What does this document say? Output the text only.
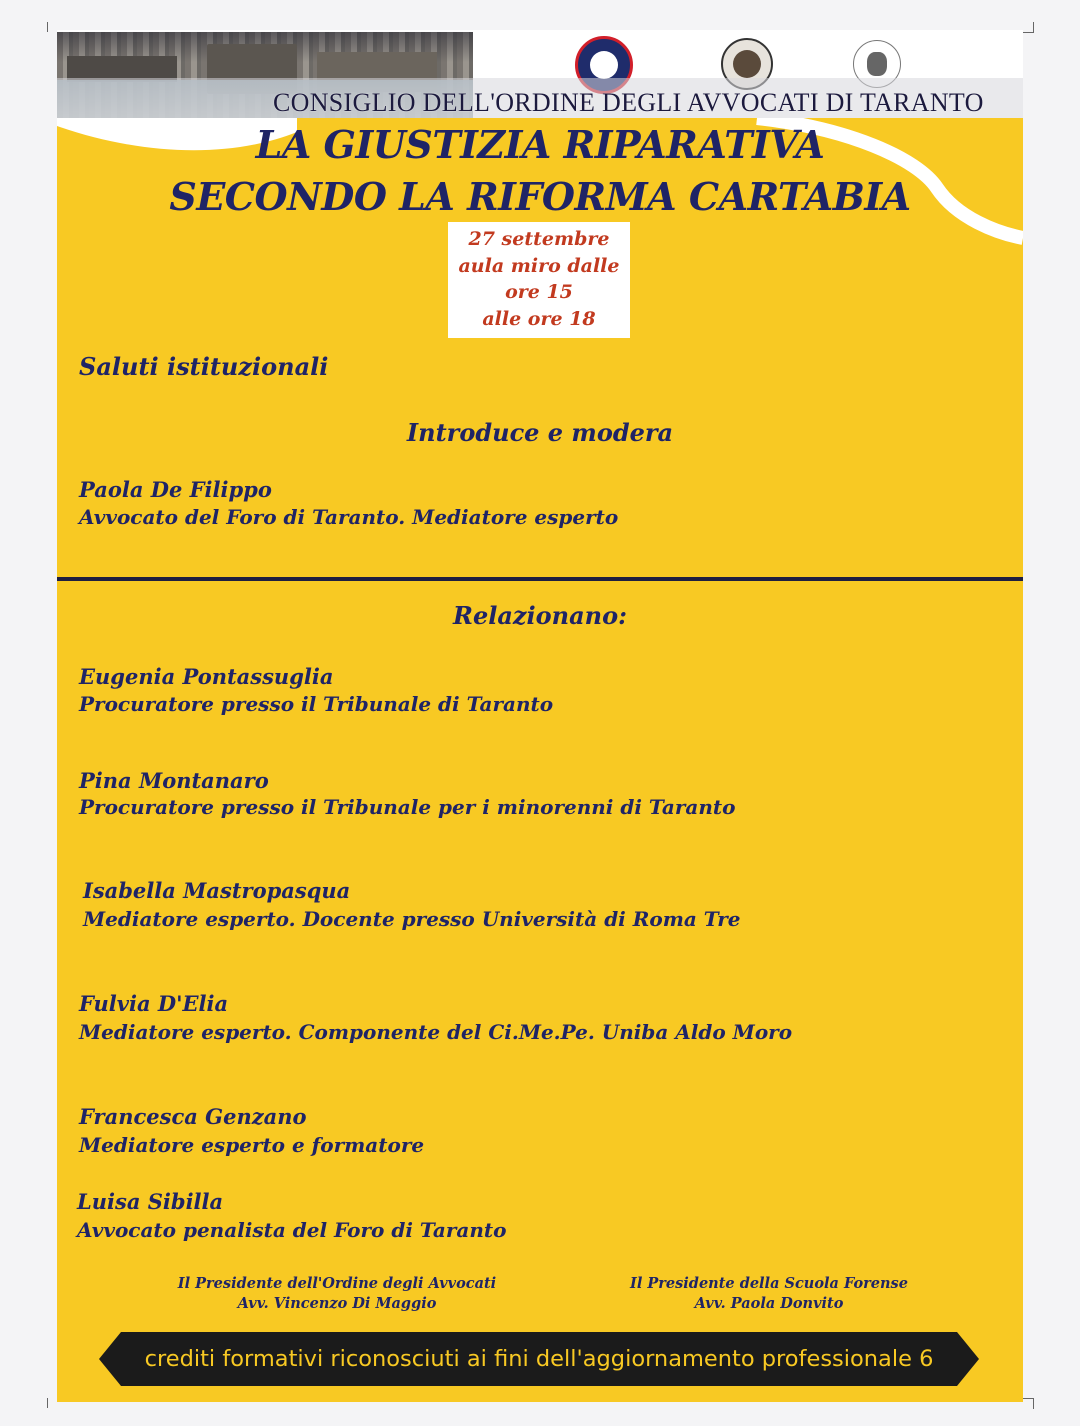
CONSIGLIO DELL'ORDINE DEGLI AVVOCATI DI TARANTO
LA GIUSTIZIA RIPARATIVA
SECONDO LA RIFORMA CARTABIA
27 settembre
aula miro dalle
ore 15
alle ore 18
Saluti istituzionali
Introduce e modera
Paola De Filippo
Avvocato del Foro di Taranto. Mediatore esperto
Relazionano:
Eugenia Pontassuglia
Procuratore presso il Tribunale di Taranto
Pina Montanaro
Procuratore presso il Tribunale per i minorenni di Taranto
Isabella Mastropasqua
Mediatore esperto. Docente presso Università di Roma Tre
Fulvia D'Elia
Mediatore esperto. Componente del Ci.Me.Pe. Uniba Aldo Moro
Francesca Genzano
Mediatore esperto e formatore
Luisa Sibilla
Avvocato penalista del Foro di Taranto
Il Presidente dell'Ordine degli Avvocati
Avv. Vincenzo Di Maggio
Il Presidente della Scuola Forense
Avv. Paola Donvito
crediti formativi riconosciuti ai fini dell'aggiornamento professionale 6
